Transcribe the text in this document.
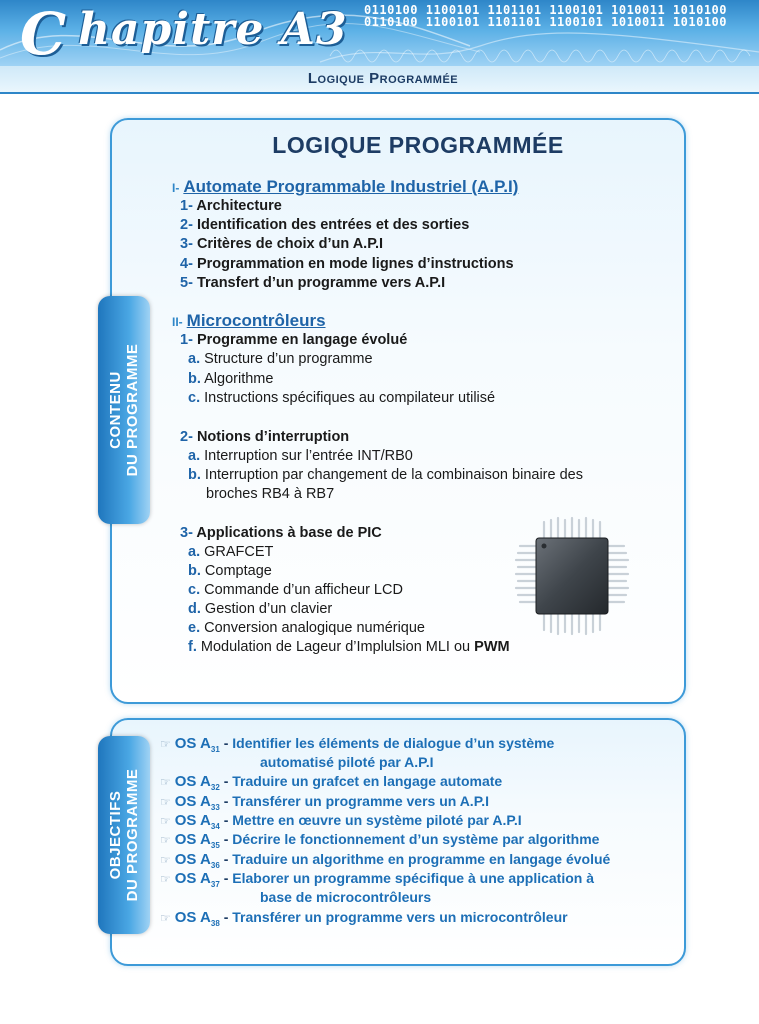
C hapitre A3	0110100 1100101 1101101 1100101 1010011 1010100
0110100 1100101 1101101 1100101 1010011 1010100
Logique Programmée
CONTENU DU PROGRAMME
LOGIQUE PROGRAMMÉE
I- Automate Programmable Industriel (A.P.I)
1- Architecture
2- Identification des entrées et des sorties
3- Critères de choix d’un A.P.I
4- Programmation en mode lignes d’instructions
5- Transfert d’un programme vers A.P.I
II- Microcontrôleurs
1- Programme en langage évolué
a. Structure d’un programme
b. Algorithme
c. Instructions spécifiques au compilateur utilisé
2- Notions d’interruption
a. Interruption sur l’entrée INT/RB0
b. Interruption par changement de la combinaison binaire des
broches RB4 à RB7
3- Applications à base de PIC
a. GRAFCET
b. Comptage
c. Commande d’un afficheur LCD
d. Gestion d’un clavier
e. Conversion analogique numérique
f. Modulation de Lageur d’Implulsion MLI ou PWM
OBJECTIFS DU PROGRAMME
☞ OS $A_{31}$ - Identifier les éléments de dialogue d’un système
automatisé piloté par A.P.I
☞ OS $A_{32}$ - Traduire un grafcet en langage automate
☞ OS $A_{33}$ - Transférer un programme vers un A.P.I
☞ OS $A_{34}$ - Mettre en œuvre un système piloté par A.P.I
☞ OS $A_{35}$ - Décrire le fonctionnement d’un système par algorithme
☞ OS $A_{36}$ - Traduire un algorithme en programme en langage évolué
☞ OS $A_{37}$ - Elaborer un programme spécifique à une application à
base de microcontrôleurs
☞ OS $A_{38}$ - Transférer un programme vers un microcontrôleur
